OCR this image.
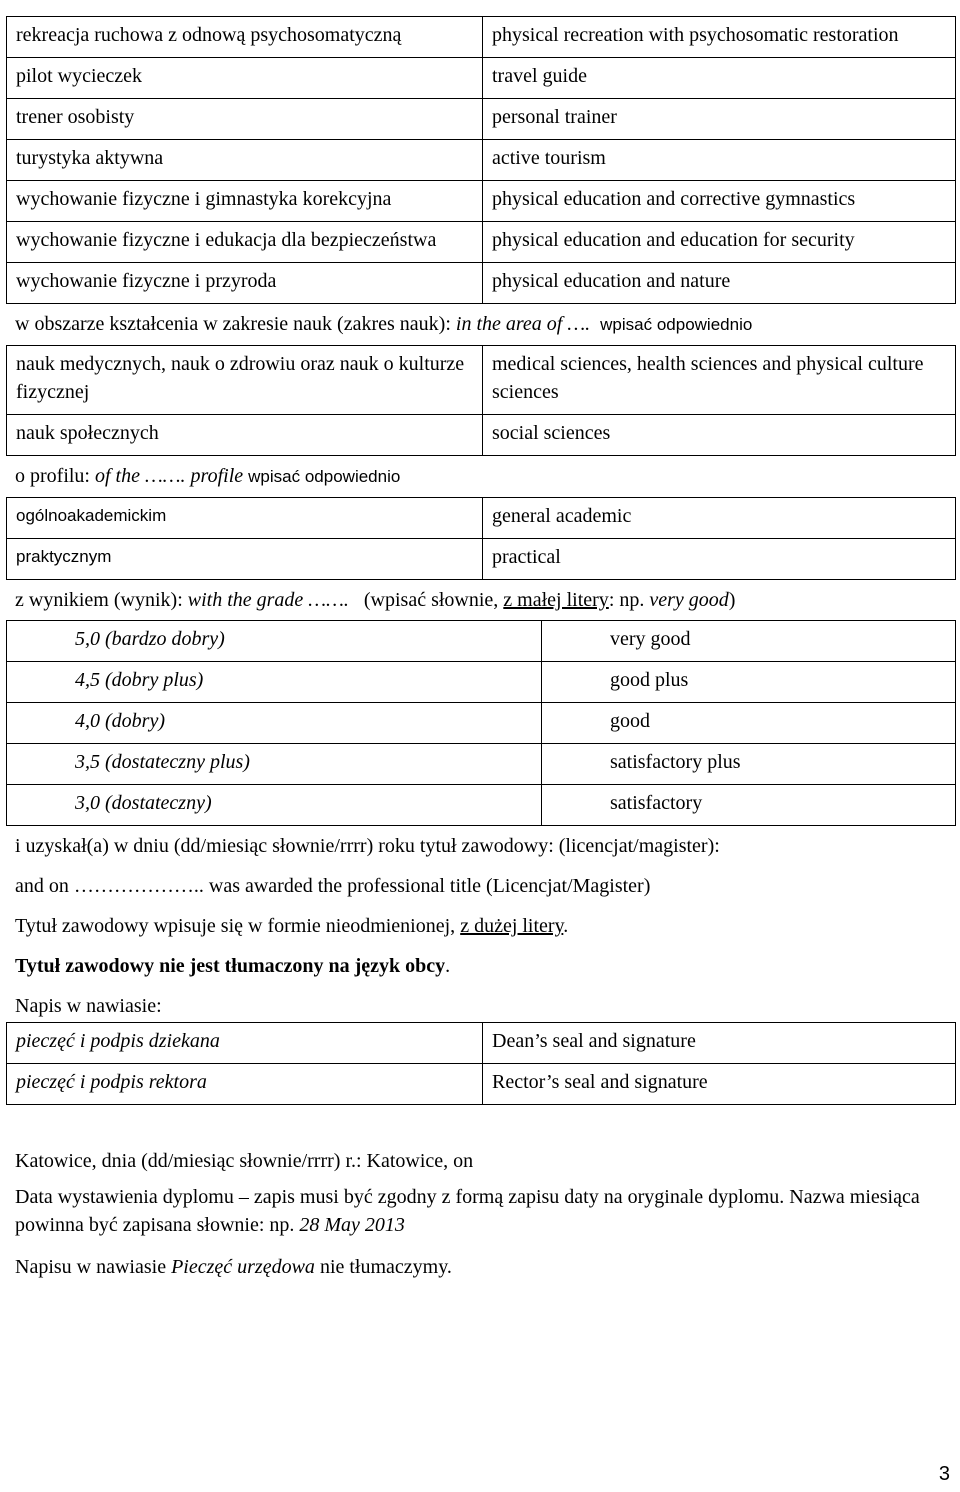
rekreacja ruchowa z odnową psychosomatyczną	physical recreation with psychosomatic restoration
pilot wycieczek	travel guide
trener osobisty	personal trainer
turystyka aktywna	active tourism
wychowanie fizyczne i gimnastyka korekcyjna	physical education and corrective gymnastics
wychowanie fizyczne i edukacja dla bezpieczeństwa	physical education and education for security
wychowanie fizyczne i przyroda	physical education and nature
w obszarze kształcenia w zakresie nauk (zakres nauk): in the area of …. wpisać odpowiednio
nauk medycznych, nauk o zdrowiu oraz nauk o kulturze fizycznej	medical sciences, health sciences and physical culture sciences
nauk społecznych	social sciences
o profilu: of the ……. profile wpisać odpowiednio
ogólnoakademickim	general academic
praktycznym	practical
z wynikiem (wynik): with the grade ……. (wpisać słownie, z małej litery: np. very good)
5,0 (bardzo dobry)	very good
4,5 (dobry plus)	good plus
4,0 (dobry)	good
3,5 (dostateczny plus)	satisfactory plus
3,0 (dostateczny)	satisfactory
i uzyskał(a) w dniu (dd/miesiąc słownie/rrrr) roku tytuł zawodowy: (licencjat/magister):
and on ……………….. was awarded the professional title (Licencjat/Magister)
Tytuł zawodowy wpisuje się w formie nieodmienionej, z dużej litery.
Tytuł zawodowy nie jest tłumaczony na język obcy.
Napis w nawiasie:
pieczęć i podpis dziekana	Dean’s seal and signature
pieczęć i podpis rektora	Rector’s seal and signature
Katowice, dnia (dd/miesiąc słownie/rrrr) r.: Katowice, on
Data wystawienia dyplomu – zapis musi być zgodny z formą zapisu daty na oryginale dyplomu. Nazwa miesiąca powinna być zapisana słownie: np. 28 May 2013
Napisu w nawiasie Pieczęć urzędowa nie tłumaczymy.
3
